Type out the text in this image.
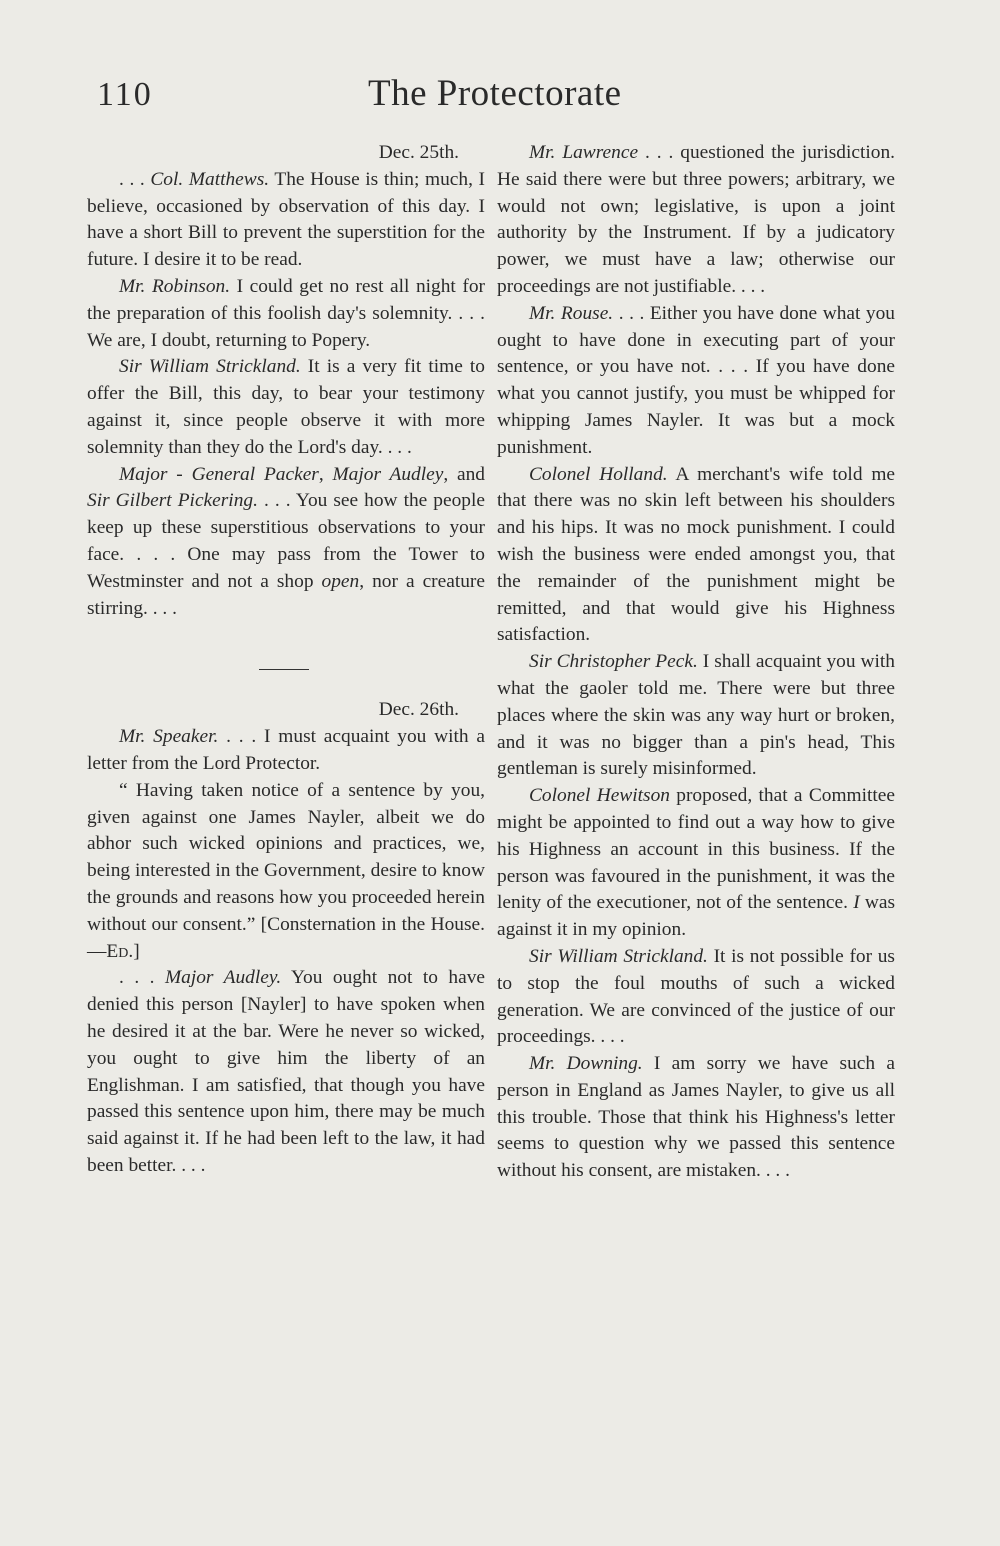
110	The Protectorate

Dec. 25th.

. . . Col. Matthews. The House is thin; much, I believe, occasioned by observation of this day. I have a short Bill to prevent the superstition for the future. I desire it to be read.

Mr. Robinson. I could get no rest all night for the preparation of this foolish day's solemnity. . . . We are, I doubt, returning to Popery.

Sir William Strickland. It is a very fit time to offer the Bill, this day, to bear your testimony against it, since people observe it with more solemnity than they do the Lord's day. . . .

Major - General Packer, Major Audley, and Sir Gilbert Pickering. . . . You see how the people keep up these superstitious observations to your face. . . . One may pass from the Tower to Westminster and not a shop open, nor a creature stirring. . . .

Dec. 26th.

Mr. Speaker. . . . I must acquaint you with a letter from the Lord Protector.

“ Having taken notice of a sentence by you, given against one James Nayler, albeit we do abhor such wicked opinions and practices, we, being interested in the Government, desire to know the grounds and reasons how you proceeded herein without our consent.” [Consternation in the House.—Ed.]

. . . Major Audley. You ought not to have denied this person [Nayler] to have spoken when he desired it at the bar. Were he never so wicked, you ought to give him the liberty of an Englishman. I am satisfied, that though you have passed this sentence upon him, there may be much said against it. If he had been left to the law, it had been better. . . .

Mr. Lawrence . . . questioned the jurisdiction. He said there were but three powers; arbitrary, we would not own; legislative, is upon a joint authority by the Instrument. If by a judicatory power, we must have a law; otherwise our proceedings are not justifiable. . . .

Mr. Rouse. . . . Either you have done what you ought to have done in executing part of your sentence, or you have not. . . . If you have done what you cannot justify, you must be whipped for whipping James Nayler. It was but a mock punishment.

Colonel Holland. A merchant's wife told me that there was no skin left between his shoulders and his hips. It was no mock punishment. I could wish the business were ended amongst you, that the remainder of the punishment might be remitted, and that would give his Highness satisfaction.

Sir Christopher Peck. I shall acquaint you with what the gaoler told me. There were but three places where the skin was any way hurt or broken, and it was no bigger than a pin's head, This gentleman is surely misinformed.

Colonel Hewitson proposed, that a Committee might be appointed to find out a way how to give his Highness an account in this business. If the person was favoured in the punishment, it was the lenity of the executioner, not of the sentence. I was against it in my opinion.

Sir William Strickland. It is not possible for us to stop the foul mouths of such a wicked generation. We are convinced of the justice of our proceedings. . . .

Mr. Downing. I am sorry we have such a person in England as James Nayler, to give us all this trouble. Those that think his Highness's letter seems to question why we passed this sentence without his consent, are mistaken. . . .
